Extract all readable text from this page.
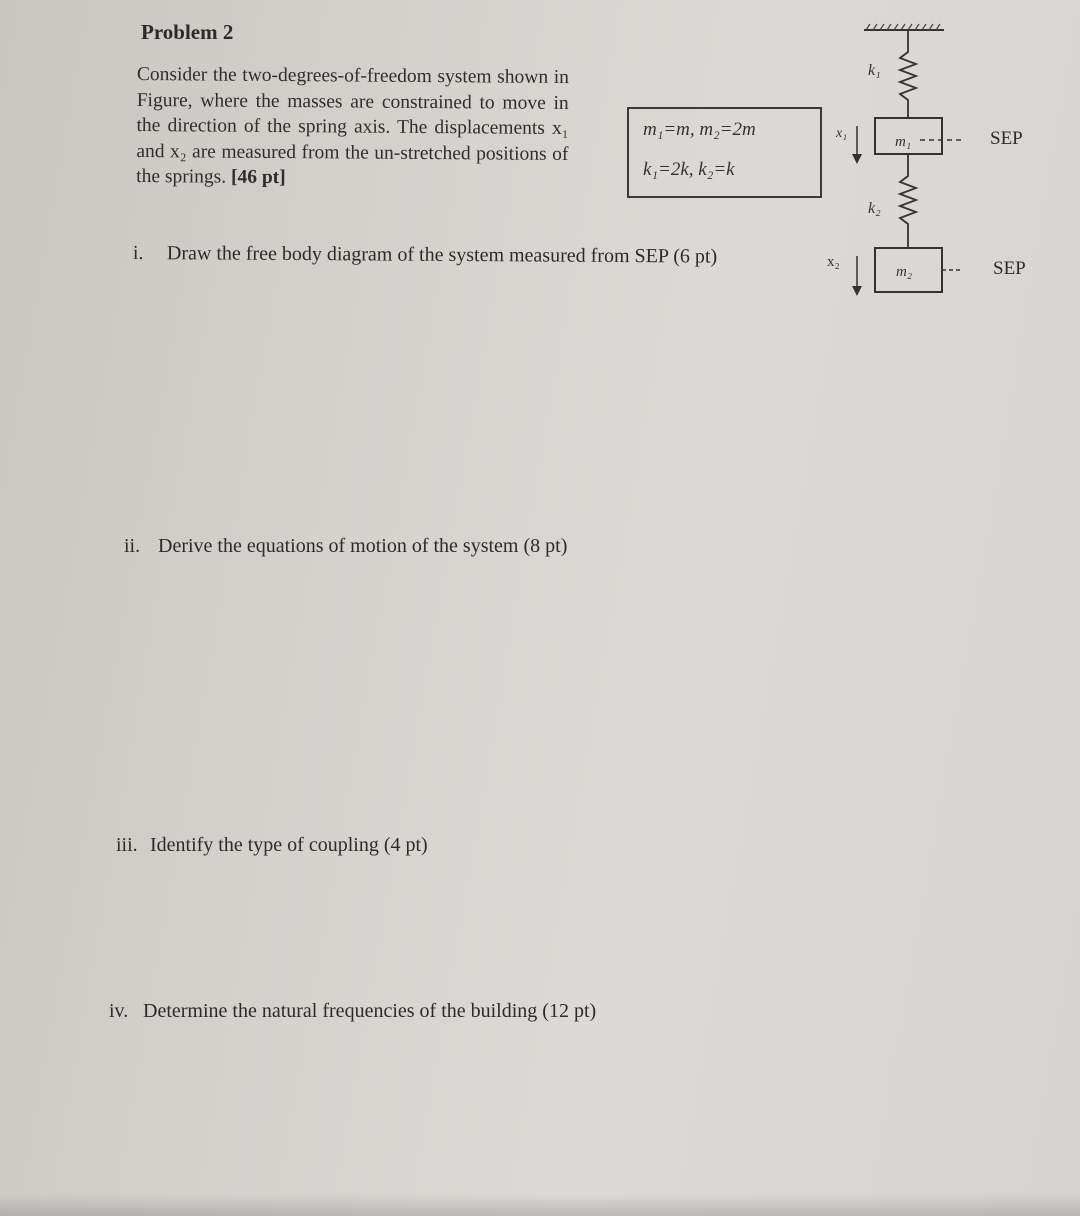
Problem 2
Consider the two-degrees-of-freedom system shown in Figure, where the masses are constrained to move in the direction of the spring axis. The displacements x₁ and x₂ are measured from the un-stretched positions of the springs. [46 pt]
m₁=m, m₂=2m
k₁=2k, k₂=k
i. Draw the free body diagram of the system measured from SEP (6 pt)
ii. Derive the equations of motion of the system (8 pt)
iii. Identify the type of coupling (4 pt)
iv. Determine the natural frequencies of the building (12 pt)
k₁
k₂
m₁
m₂
x₁
x₂
SEP
SEP
